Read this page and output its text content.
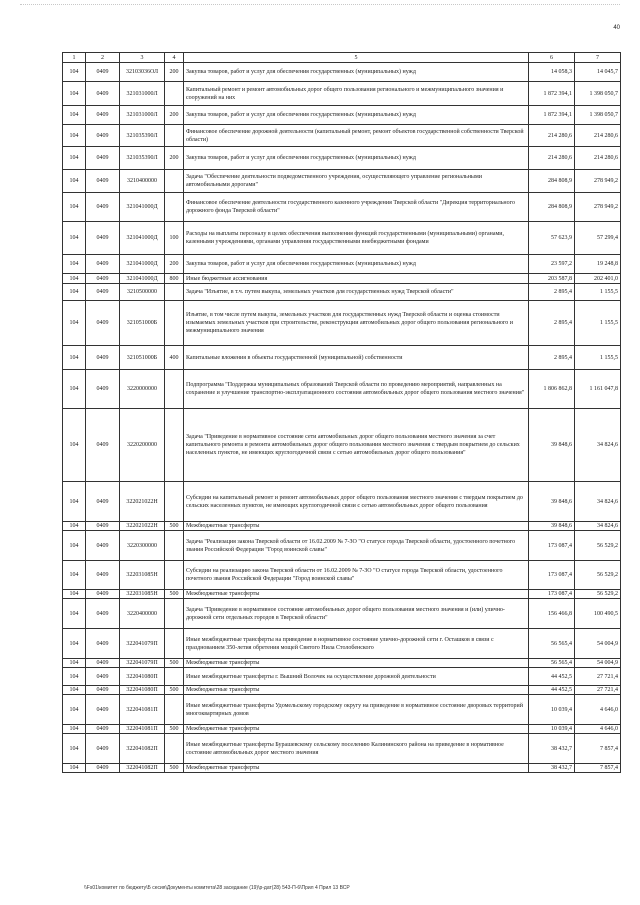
40
1	2	3	4	5	6	7
104	0409	32103036ОЛ	200	Закупка товаров, работ и услуг для обеспечения государственных (муниципальных) нужд	14 058,3	14 045,7
104	0409	321031000Л		Капитальный ремонт и ремонт автомобильных дорог общего пользования регионального и межмуниципального значения и сооружений на них	1 872 394,1	1 398 050,7
104	0409	321031000Л	200	Закупка товаров, работ и услуг для обеспечения государственных (муниципальных) нужд	1 872 394,1	1 398 050,7
104	0409	321035390Л		Финансовое обеспечение дорожной деятельности (капитальный ремонт, ремонт объектов государственной собственности Тверской области)	214 280,6	214 280,6
104	0409	321035390Л	200	Закупка товаров, работ и услуг для обеспечения государственных (муниципальных) нужд	214 280,6	214 280,6
104	0409	3210400000		Задача "Обеспечение деятельности подведомственного учреждения, осуществляющего управление региональными автомобильными дорогами"	284 808,9	278 949,2
104	0409	321041000Д		Финансовое обеспечение деятельности государственного казенного учреждения Тверской области "Дирекция территориального дорожного фонда Тверской области"	284 808,9	278 949,2
104	0409	321041000Д	100	Расходы на выплаты персоналу в целях обеспечения выполнения функций государственными (муниципальными) органами, казенными учреждениями, органами управления государственными внебюджетными фондами	57 623,9	57 299,4
104	0409	321041000Д	200	Закупка товаров, работ и услуг для обеспечения государственных (муниципальных) нужд	23 597,2	19 248,8
104	0409	321041000Д	800	Иные бюджетные ассигнования	203 587,8	202 401,0
104	0409	3210500000		Задача "Изъятие, в т.ч. путем выкупа, земельных участков для государственных нужд Тверской области"	2 895,4	1 155,5
104	0409	321051000Б		Изъятие, в том числе путем выкупа, земельных участков для государственных нужд Тверской области и оценка стоимости изымаемых земельных участков при строительстве, реконструкции автомобильных дорог общего пользования регионального и межмуниципального значения	2 895,4	1 155,5
104	0409	321051000Б	400	Капитальные вложения в объекты государственной (муниципальной) собственности	2 895,4	1 155,5
104	0409	3220000000		Подпрограмма "Поддержка муниципальных образований Тверской области по проведению мероприятий, направленных на сохранение и улучшение транспортно-эксплуатационного состояния автомобильных дорог общего пользования местного значения"	1 806 862,8	1 161 047,8
104	0409	3220200000		Задача "Приведение в нормативное состояние сети автомобильных дорог общего пользования местного значения за счет капитального ремонта и ремонта автомобильных дорог общего пользования местного значения с твердым покрытием до сельских населенных пунктов, не имеющих круглогодичной связи с сетью автомобильных дорог общего пользования"	39 848,6	34 824,6
104	0409	322021022Н		Субсидии на капитальный ремонт и ремонт автомобильных дорог общего пользования местного значения с твердым покрытием до сельских населенных пунктов, не имеющих круглогодичной связи с сетью автомобильных дорог общего пользования	39 848,6	34 824,6
104	0409	322021022Н	500	Межбюджетные трансферты	39 848,6	34 824,6
104	0409	3220300000		Задача "Реализация закона Тверской области от 16.02.2009 № 7-ЗО "О статусе города Тверской области, удостоенного почетного звания Российской Федерации "Город воинской славы"	173 087,4	56 529,2
104	0409	322031085Н		Субсидии на реализацию закона Тверской области от 16.02.2009 № 7-ЗО "О статусе города Тверской области, удостоенного почетного звания Российской Федерации "Город воинской славы"	173 087,4	56 529,2
104	0409	322031085Н	500	Межбюджетные трансферты	173 087,4	56 529,2
104	0409	3220400000		Задача "Приведение в нормативное состояние автомобильных дорог общего пользования местного значения и (или) улично-дорожной сети отдельных городов в Тверской области"	156 466,8	100 490,5
104	0409	322041079П		Иные межбюджетные трансферты на приведение в нормативное состояние улично-дорожной сети г. Осташков в связи с празднованием 350-летия обретения мощей Святого Нила Столобенского	56 565,4	54 004,9
104	0409	322041079П	500	Межбюджетные трансферты	56 565,4	54 004,9
104	0409	322041080П		Иные межбюджетные трансферты г. Вышний Волочек на осуществление дорожной деятельности	44 452,5	27 721,4
104	0409	322041080П	500	Межбюджетные трансферты	44 452,5	27 721,4
104	0409	322041081П		Иные межбюджетные трансферты Удомельскому городскому округу на приведение в нормативное состояние дворовых территорий многоквартирных домов	10 039,4	4 646,0
104	0409	322041081П	500	Межбюджетные трансферты	10 039,4	4 646,0
104	0409	322041082П		Иные межбюджетные трансферты Бурашевскому сельскому поселению Калининского района на приведение в нормативное состояние автомобильных дорог местного значения	38 432,7	7 857,4
104	0409	322041082П	500	Межбюджетные трансферты	38 432,7	7 857,4
\\Fs01\комитет по бюджету\Б сесия\Документы комитета\28 заседание (19)\р-дат(28) 543-П-6\Прил 4 Прил 13 ВСР
